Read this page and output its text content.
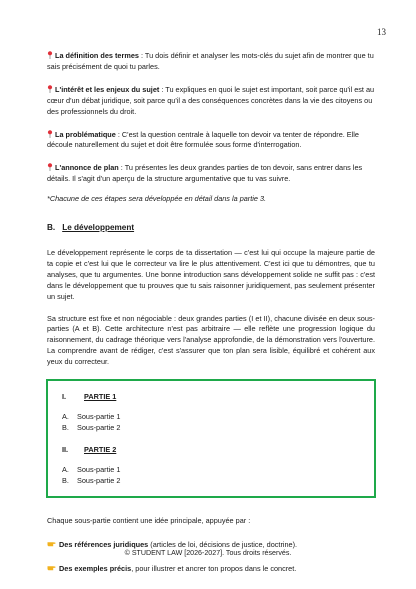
13

La définition des termes : Tu dois définir et analyser les mots-clés du sujet afin de montrer que tu sais précisément de quoi tu parles.

L'intérêt et les enjeux du sujet : Tu expliques en quoi le sujet est important, soit parce qu'il est au cœur d'un débat juridique, soit parce qu'il a des conséquences concrètes dans la vie des citoyens ou des professionnels du droit.

La problématique : C'est la question centrale à laquelle ton devoir va tenter de répondre. Elle découle naturellement du sujet et doit être formulée sous forme d'interrogation.

L'annonce de plan : Tu présentes les deux grandes parties de ton devoir, sans entrer dans les détails. Il s'agit d'un aperçu de la structure argumentative que tu vas suivre.

*Chacune de ces étapes sera développée en détail dans la partie 3.

B. Le développement

Le développement représente le corps de ta dissertation — c'est lui qui occupe la majeure partie de ta copie et c'est lui que le correcteur va lire le plus attentivement. C'est ici que tu démontres, que tu analyses, que tu argumentes. Une bonne introduction sans développement solide ne suffit pas : c'est dans le développement que tu prouves que tu sais raisonner juridiquement, pas seulement présenter un sujet.

Sa structure est fixe et non négociable : deux grandes parties (I et II), chacune divisée en deux sous-parties (A et B). Cette architecture n'est pas arbitraire — elle reflète une progression logique du raisonnement, du cadrage théorique vers l'analyse approfondie, de la démonstration vers l'ouverture. La comprendre avant de rédiger, c'est s'assurer que ton plan sera lisible, équilibré et cohérent aux yeux du correcteur.

I.	PARTIE 1
A.	Sous-partie 1
B.	Sous-partie 2
II.	PARTIE 2
A.	Sous-partie 1
B.	Sous-partie 2

Chaque sous-partie contient une idée principale, appuyée par :

Des références juridiques (articles de loi, décisions de justice, doctrine).

Des exemples précis, pour illustrer et ancrer ton propos dans le concret.

© STUDENT LAW [2026-2027]. Tous droits réservés.
